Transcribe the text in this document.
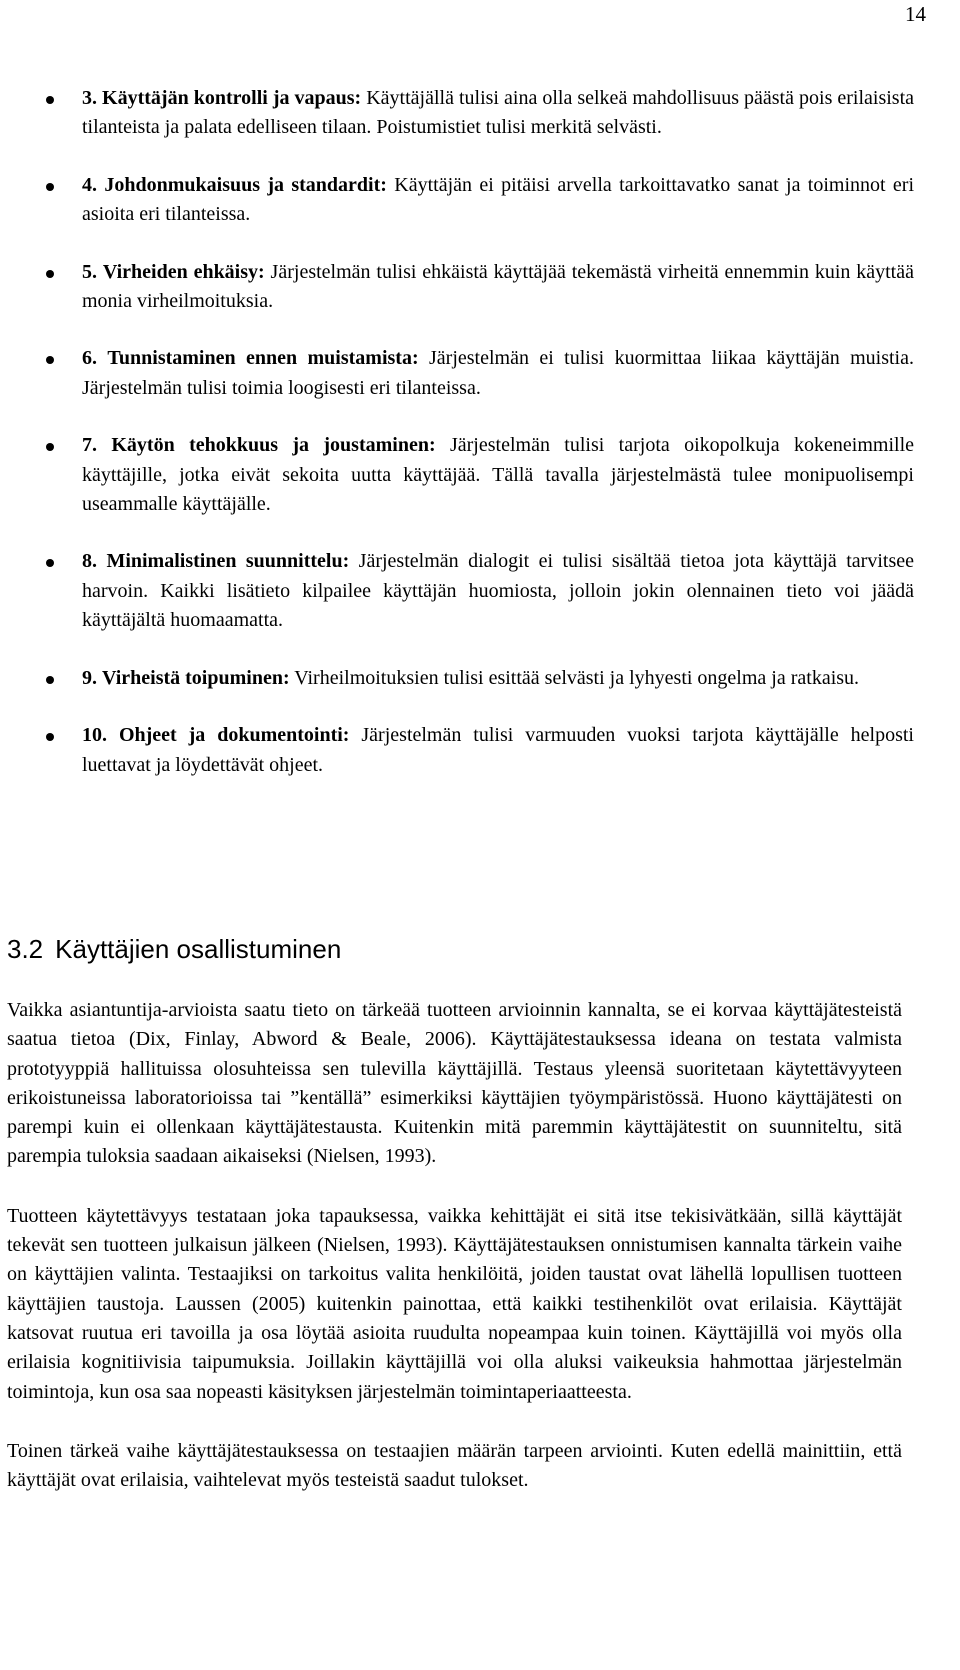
14
3. Käyttäjän kontrolli ja vapaus: Käyttäjällä tulisi aina olla selkeä mahdollisuus päästä pois erilaisista tilanteista ja palata edelliseen tilaan. Poistumistiet tulisi merkitä selvästi.
4. Johdonmukaisuus ja standardit: Käyttäjän ei pitäisi arvella tarkoittavatko sanat ja toiminnot eri asioita eri tilanteissa.
5. Virheiden ehkäisy: Järjestelmän tulisi ehkäistä käyttäjää tekemästä virheitä ennemmin kuin käyttää monia virheilmoituksia.
6. Tunnistaminen ennen muistamista: Järjestelmän ei tulisi kuormittaa liikaa käyttäjän muistia. Järjestelmän tulisi toimia loogisesti eri tilanteissa.
7. Käytön tehokkuus ja joustaminen: Järjestelmän tulisi tarjota oikopolkuja kokeneimmille käyttäjille, jotka eivät sekoita uutta käyttäjää. Tällä tavalla järjestelmästä tulee monipuolisempi useammalle käyttäjälle.
8. Minimalistinen suunnittelu: Järjestelmän dialogit ei tulisi sisältää tietoa jota käyttäjä tarvitsee harvoin. Kaikki lisätieto kilpailee käyttäjän huomiosta, jolloin jokin olennainen tieto voi jäädä käyttäjältä huomaamatta.
9. Virheistä toipuminen: Virheilmoituksien tulisi esittää selvästi ja lyhyesti ongelma ja ratkaisu.
10. Ohjeet ja dokumentointi: Järjestelmän tulisi varmuuden vuoksi tarjota käyttäjälle helposti luettavat ja löydettävät ohjeet.
3.2 Käyttäjien osallistuminen

Vaikka asiantuntija-arvioista saatu tieto on tärkeää tuotteen arvioinnin kannalta, se ei korvaa käyttäjätesteistä saatua tietoa (Dix, Finlay, Abword & Beale, 2006). Käyttäjätestauksessa ideana on testata valmista prototyyppiä hallituissa olosuhteissa sen tulevilla käyttäjillä. Testaus yleensä suoritetaan käytettävyyteen erikoistuneissa laboratorioissa tai ”kentällä” esimerkiksi käyttäjien työympäristössä. Huono käyttäjätesti on parempi kuin ei ollenkaan käyttäjätestausta. Kuitenkin mitä paremmin käyttäjätestit on suunniteltu, sitä parempia tuloksia saadaan aikaiseksi (Nielsen, 1993).

Tuotteen käytettävyys testataan joka tapauksessa, vaikka kehittäjät ei sitä itse tekisivätkään, sillä käyttäjät tekevät sen tuotteen julkaisun jälkeen (Nielsen, 1993). Käyttäjätestauksen onnistumisen kannalta tärkein vaihe on käyttäjien valinta. Testaajiksi on tarkoitus valita henkilöitä, joiden taustat ovat lähellä lopullisen tuotteen käyttäjien taustoja. Laussen (2005) kuitenkin painottaa, että kaikki testihenkilöt ovat erilaisia. Käyttäjät katsovat ruutua eri tavoilla ja osa löytää asioita ruudulta nopeampaa kuin toinen. Käyttäjillä voi myös olla erilaisia kognitiivisia taipumuksia. Joillakin käyttäjillä voi olla aluksi vaikeuksia hahmottaa järjestelmän toimintoja, kun osa saa nopeasti käsityksen järjestelmän toimintaperiaatteesta.

Toinen tärkeä vaihe käyttäjätestauksessa on testaajien määrän tarpeen arviointi. Kuten edellä mainittiin, että käyttäjät ovat erilaisia, vaihtelevat myös testeistä saadut tulokset.
